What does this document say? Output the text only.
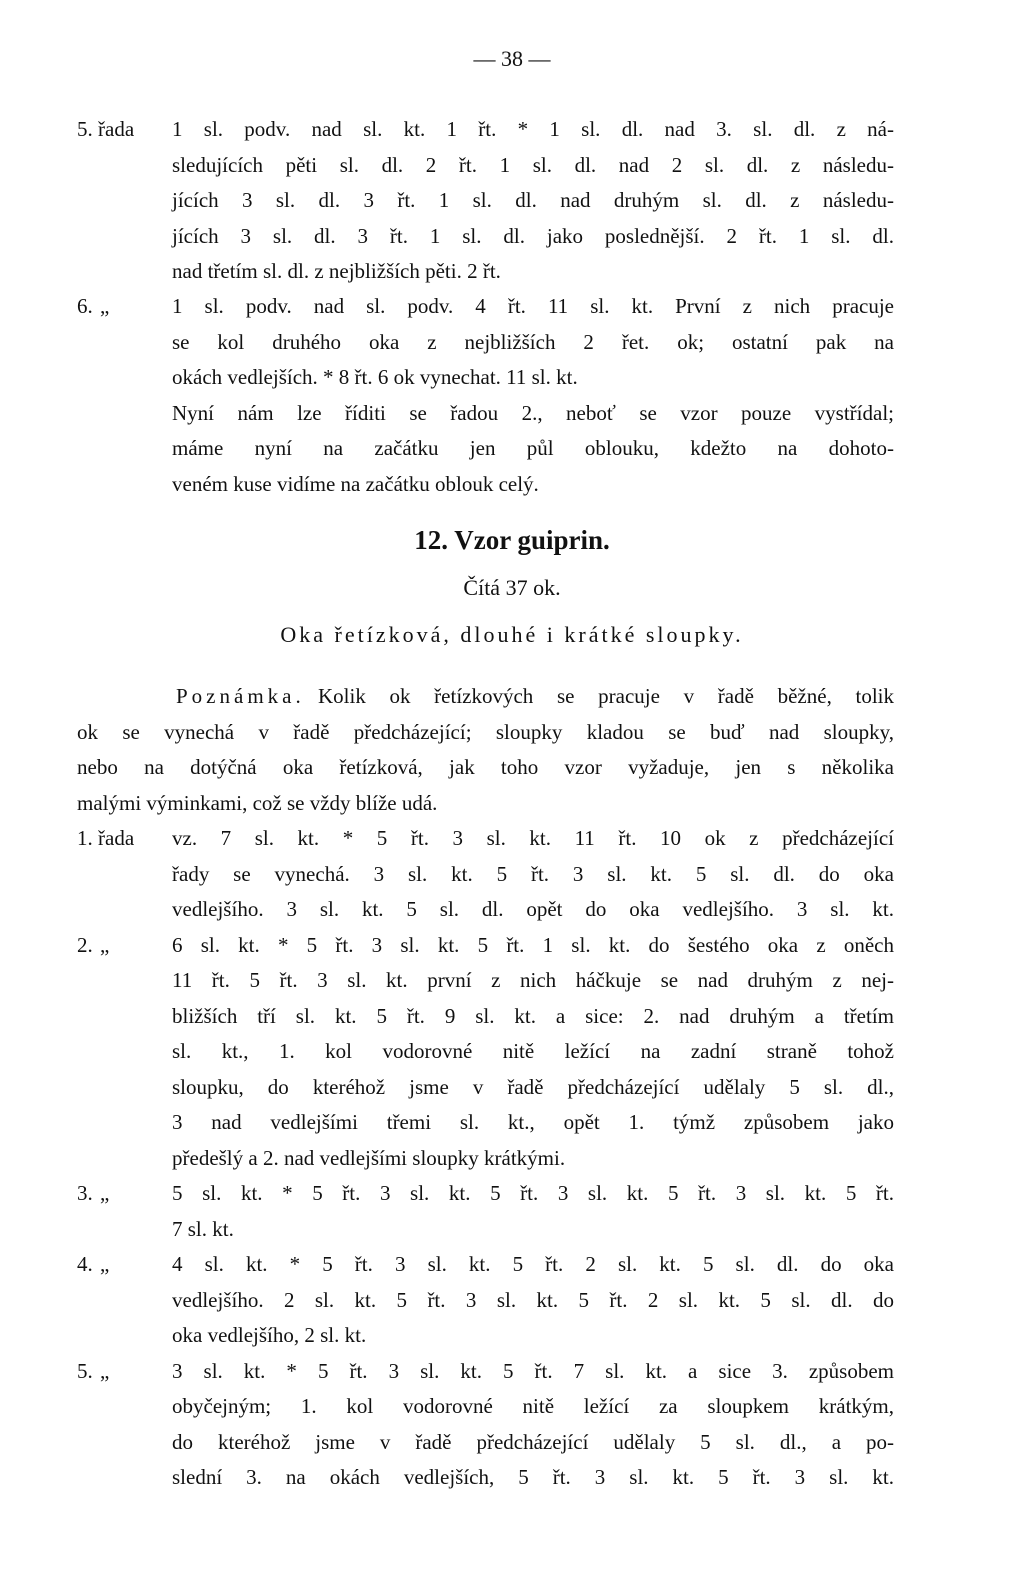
— 38 —
5. řada 1 sl. podv. nad sl. kt. 1 řt. * 1 sl. dl. nad 3. sl. dl. z ná-
sledujících pěti sl. dl. 2 řt. 1 sl. dl. nad 2 sl. dl. z následu-
jících 3 sl. dl. 3 řt. 1 sl. dl. nad druhým sl. dl. z následu-
jících 3 sl. dl. 3 řt. 1 sl. dl. jako poslednější. 2 řt. 1 sl. dl.
nad třetím sl. dl. z nejbližších pěti. 2 řt.
6. „	1 sl. podv. nad sl. podv. 4 řt. 11 sl. kt. První z nich pracuje
se kol druhého oka z nejbližších 2 řet. ok; ostatní pak na
okách vedlejších. * 8 řt. 6 ok vynechat. 11 sl. kt.
Nyní nám lze říditi se řadou 2., neboť se vzor pouze vystřídal;
máme nyní na začátku jen půl oblouku, kdežto na dohoto-
veném kuse vidíme na začátku oblouk celý.
12. Vzor guiprin.
Čítá 37 ok.
Oka řetízková, dlouhé i krátké sloupky.
Poznámka. Kolik ok řetízkových se pracuje v řadě běžné, tolik
ok se vynechá v řadě předcházející; sloupky kladou se buď nad sloupky,
nebo na dotýčná oka řetízková, jak toho vzor vyžaduje, jen s několika
malými výminkami, což se vždy blíže udá.
1. řada vz. 7 sl. kt. * 5 řt. 3 sl. kt. 11 řt. 10 ok z předcházející
řady se vynechá. 3 sl. kt. 5 řt. 3 sl. kt. 5 sl. dl. do oka
vedlejšího. 3 sl. kt. 5 sl. dl. opět do oka vedlejšího. 3 sl. kt.
2. „	6 sl. kt. * 5 řt. 3 sl. kt. 5 řt. 1 sl. kt. do šestého oka z oněch
11 řt. 5 řt. 3 sl. kt. první z nich háčkuje se nad druhým z nej-
bližších tří sl. kt. 5 řt. 9 sl. kt. a sice: 2. nad druhým a třetím
sl. kt., 1. kol vodorovné nitě ležící na zadní straně tohož
sloupku, do kteréhož jsme v řadě předcházející udělaly 5 sl. dl.,
3 nad vedlejšími třemi sl. kt., opět 1. týmž způsobem jako
předešlý a 2. nad vedlejšími sloupky krátkými.
3. „	5 sl. kt. * 5 řt. 3 sl. kt. 5 řt. 3 sl. kt. 5 řt. 3 sl. kt. 5 řt.
7 sl. kt.
4. „	4 sl. kt. * 5 řt. 3 sl. kt. 5 řt. 2 sl. kt. 5 sl. dl. do oka
vedlejšího. 2 sl. kt. 5 řt. 3 sl. kt. 5 řt. 2 sl. kt. 5 sl. dl. do
oka vedlejšího, 2 sl. kt.
5. „	3 sl. kt. * 5 řt. 3 sl. kt. 5 řt. 7 sl. kt. a sice 3. způsobem
obyčejným; 1. kol vodorovné nitě ležící za sloupkem krátkým,
do kteréhož jsme v řadě předcházející udělaly 5 sl. dl., a po-
slední 3. na okách vedlejších, 5 řt. 3 sl. kt. 5 řt. 3 sl. kt.
